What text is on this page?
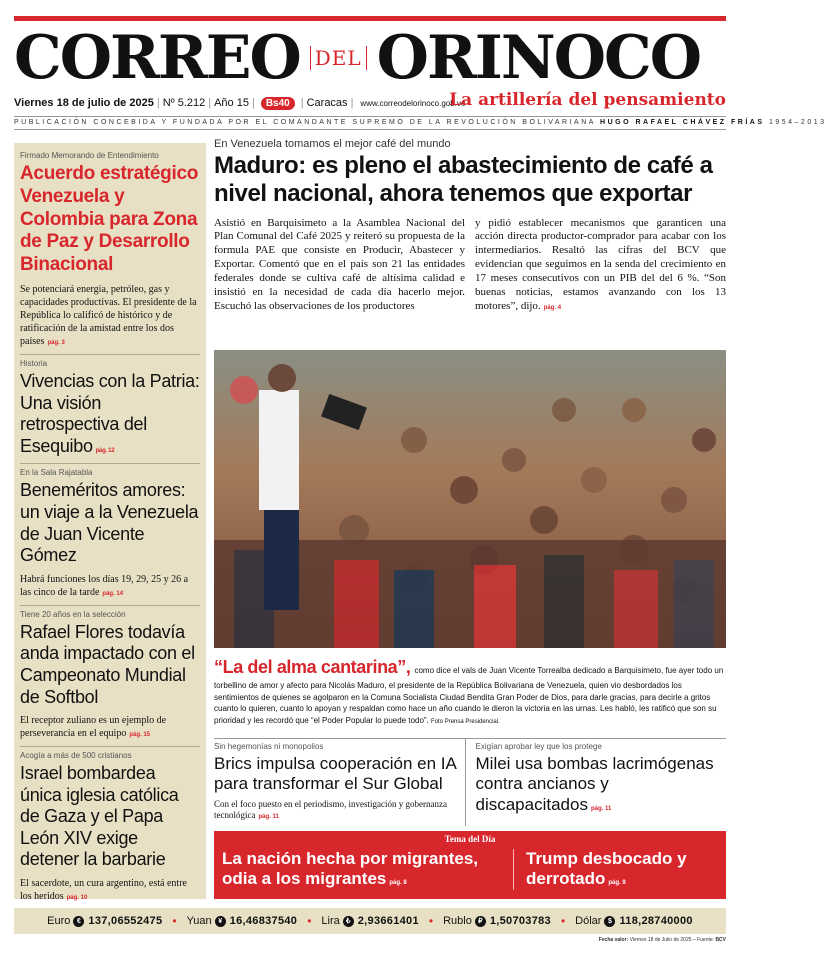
CORREO DEL ORINOCO
Viernes 18 de julio de 2025 | Nº 5.212 | Año 15 |	Bs40	| Caracas | www.correodelorinoco.gob.ve
La artillería del pensamiento
PUBLICACIÓN CONCEBIDA Y FUNDADA POR EL COMANDANTE SUPREMO DE LA REVOLUCIÓN BOLIVARIANA HUGO RAFAEL CHÁVEZ FRÍAS 1954–2013
Firmado Memorando de Entendimiento
Acuerdo estratégico Venezuela y Colombia para Zona de Paz y Desarrollo Binacional
Se potenciará energía, petróleo, gas y capacidades productivas. El presidente de la República lo calificó de histórico y de ratificación de la amistad entre los dos países pág. 3
Historia
Vivencias con la Patria: Una visión retrospectiva del Esequibo pág. 12
En la Sala Rajatabla
Beneméritos amores: un viaje a la Venezuela de Juan Vicente Gómez
Habrá funciones los días 19, 29, 25 y 26 a las cinco de la tarde pág. 14
Tiene 20 años en la selección
Rafael Flores todavía anda impactado con el Campeonato Mundial de Softbol
El receptor zuliano es un ejemplo de perseverancia en el equipo pág. 15
Acogía a más de 500 cristianos
Israel bombardea única iglesia católica de Gaza y el Papa León XIV exige detener la barbarie
El sacerdote, un cura argentino, está entre los heridos pág. 10
En Venezuela tomamos el mejor café del mundo
Maduro: es pleno el abastecimiento de café a nivel nacional, ahora tenemos que exportar
Asistió en Barquisimeto a la Asamblea Nacional del Plan Comunal del Café 2025 y reiteró su propuesta de la formula PAE que consiste en Producir, Abastecer y Exportar. Comentó que en el país son 21 las entidades federales donde se cultiva café de altísima calidad e insistió en la necesidad de cada día hacerlo mejor. Escuchó las observaciones de los productores
y pidió establecer mecanismos que garanticen una acción directa productor-comprador para acabar con los intermediarios. Resaltó las cifras del BCV que evidencian que seguimos en la senda del crecimiento en 17 meses consecutivos con un PIB del del 6 %. “Son buenas noticias, estamos avanzando con los 13 motores”, dijo. pág. 4
“La del alma cantarina”, como dice el vals de Juan Vicente Torrealba dedicado a Barquisimeto, fue ayer todo un torbellino de amor y afecto para Nicolás Maduro, el presidente de la República Bolivariana de Venezuela, quien vio desbordados los sentimientos de quienes se agolparon en la Comuna Socialista Ciudad Bendita Gran Poder de Dios, para darle gracias, para decirle a gritos cuanto lo quieren, cuanto lo apoyan y respaldan como hace un año cuando le dieron la victoria en las urnas. Les habló, les ratificó que son su prioridad y les recordó que “el Poder Popular lo puede todo”. Foto Prensa Presidencial.
Sin hegemonías ni monopolios
Brics impulsa cooperación en IA para transformar el Sur Global
Con el foco puesto en el periodismo, investigación y gobernanza tecnológica pág. 11
Exigían aprobar ley que los protege
Milei usa bombas lacrimógenas contra ancianos y discapacitados pág. 11
Tema del Día
La nación hecha por migrantes, odia a los migrantes pág. 8
Trump desbocado y derrotado pág. 9
Euro € 137,06552475 • Yuan ¥ 16,46837540 • Lira ₺ 2,93661401 • Rublo ₽ 1,50703783 • Dólar $ 118,28740000
Fecha valor: Viernes 18 de Julio de 2025 – Fuente: BCV
